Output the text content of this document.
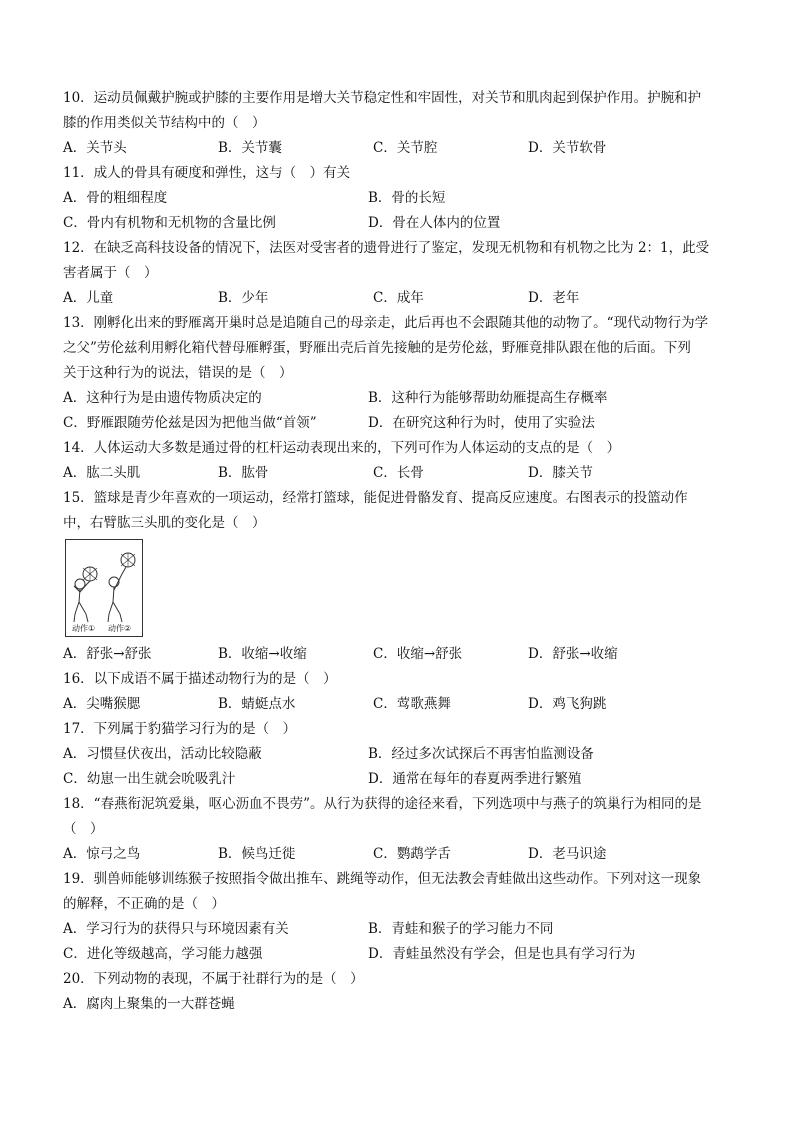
10．运动员佩戴护腕或护膝的主要作用是增大关节稳定性和牢固性，对关节和肌肉起到保护作用。护腕和护
膝的作用类似关节结构中的（　）
A．关节头	B．关节囊	C．关节腔	D．关节软骨
11．成人的骨具有硬度和弹性，这与（　）有关
A．骨的粗细程度	B．骨的长短
C．骨内有机物和无机物的含量比例	D．骨在人体内的位置
12．在缺乏高科技设备的情况下，法医对受害者的遗骨进行了鉴定，发现无机物和有机物之比为 2：1，此受
害者属于（　）
A．儿童	B．少年	C．成年	D．老年
13．刚孵化出来的野雁离开巢时总是追随自己的母亲走，此后再也不会跟随其他的动物了。“现代动物行为学
之父”劳伦兹利用孵化箱代替母雁孵蛋，野雁出壳后首先接触的是劳伦兹，野雁竟排队跟在他的后面。下列
关于这种行为的说法，错误的是（　）
A．这种行为是由遗传物质决定的	B．这种行为能够帮助幼雁提高生存概率
C．野雁跟随劳伦兹是因为把他当做“首领”	D．在研究这种行为时，使用了实验法
14．人体运动大多数是通过骨的杠杆运动表现出来的，下列可作为人体运动的支点的是（　）
A．肱二头肌	B．肱骨	C．长骨	D．膝关节
15．篮球是青少年喜欢的一项运动，经常打篮球，能促进骨骼发育、提高反应速度。右图表示的投篮动作
中，右臂肱三头肌的变化是（　）
动作① 动作②
A．舒张→舒张	B．收缩→收缩	C．收缩→舒张	D．舒张→收缩
16．以下成语不属于描述动物行为的是（　）
A．尖嘴猴腮	B．蜻蜓点水	C．莺歌燕舞	D．鸡飞狗跳
17．下列属于豹猫学习行为的是（　）
A．习惯昼伏夜出，活动比较隐蔽	B．经过多次试探后不再害怕监测设备
C．幼崽一出生就会吮吸乳汁	D．通常在每年的春夏两季进行繁殖
18．“春燕衔泥筑爱巢，呕心沥血不畏劳”。从行为获得的途径来看，下列选项中与燕子的筑巢行为相同的是
（　）
A．惊弓之鸟	B．候鸟迁徙	C．鹦鹉学舌	D．老马识途
19．驯兽师能够训练猴子按照指令做出推车、跳绳等动作，但无法教会青蛙做出这些动作。下列对这一现象
的解释，不正确的是（　）
A．学习行为的获得只与环境因素有关	B．青蛙和猴子的学习能力不同
C．进化等级越高，学习能力越强	D．青蛙虽然没有学会，但是也具有学习行为
20．下列动物的表现，不属于社群行为的是（　）
A．腐肉上聚集的一大群苍蝇
